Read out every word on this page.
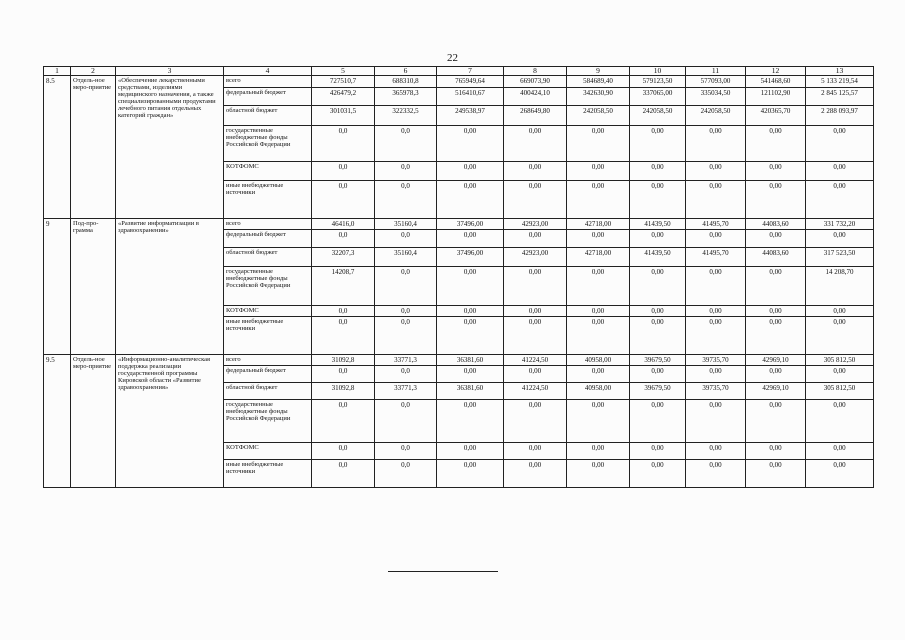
22
1	2	3	4	5	6	7	8	9	10	11	12	13
8.5	Отдель-ное меро-приятие	«Обеспечение лекарственными средствами, изделиями медицинского назначения, а также специализированными продуктами лечебного питания отдельных категорий граждан»	всего	727510,7	688310,8	765949,64	669073,90	584689,40	579123,50	577093,00	541468,60	5 133 219,54
			федеральный бюджет	426479,2	365978,3	516410,67	400424,10	342630,90	337065,00	335034,50	121102,90	2 845 125,57
			областной бюджет	301031,5	322332,5	249538,97	268649,80	242058,50	242058,50	242058,50	420365,70	2 288 093,97
			государственные внебюджетные фонды Российской Федерации	0,0	0,0	0,00	0,00	0,00	0,00	0,00	0,00	0,00
			КОТФОМС	0,0	0,0	0,00	0,00	0,00	0,00	0,00	0,00	0,00
			иные внебюджетные источники	0,0	0,0	0,00	0,00	0,00	0,00	0,00	0,00	0,00
9	Под-про-грамма	«Развитие информатизации в здравоохранении»	всего	46416,0	35160,4	37496,00	42923,00	42718,00	41439,50	41495,70	44083,60	331 732,20
			федеральный бюджет	0,0	0,0	0,00	0,00	0,00	0,00	0,00	0,00	0,00
			областной бюджет	32207,3	35160,4	37496,00	42923,00	42718,00	41439,50	41495,70	44083,60	317 523,50
			государственные внебюджетные фонды Российской Федерации	14208,7	0,0	0,00	0,00	0,00	0,00	0,00	0,00	14 208,70
			КОТФОМС	0,0	0,0	0,00	0,00	0,00	0,00	0,00	0,00	0,00
			иные внебюджетные источники	0,0	0,0	0,00	0,00	0,00	0,00	0,00	0,00	0,00
9.5	Отдель-ное меро-приятие	«Информационно-аналитическая поддержка реализации государственной программы Кировской области «Развитие здравоохранения»	всего	31092,8	33771,3	36381,60	41224,50	40958,00	39679,50	39735,70	42969,10	305 812,50
			федеральный бюджет	0,0	0,0	0,00	0,00	0,00	0,00	0,00	0,00	0,00
			областной бюджет	31092,8	33771,3	36381,60	41224,50	40958,00	39679,50	39735,70	42969,10	305 812,50
			государственные внебюджетные фонды Российской Федерации	0,0	0,0	0,00	0,00	0,00	0,00	0,00	0,00	0,00
			КОТФОМС	0,0	0,0	0,00	0,00	0,00	0,00	0,00	0,00	0,00
			иные внебюджетные источники	0,0	0,0	0,00	0,00	0,00	0,00	0,00	0,00	0,00
